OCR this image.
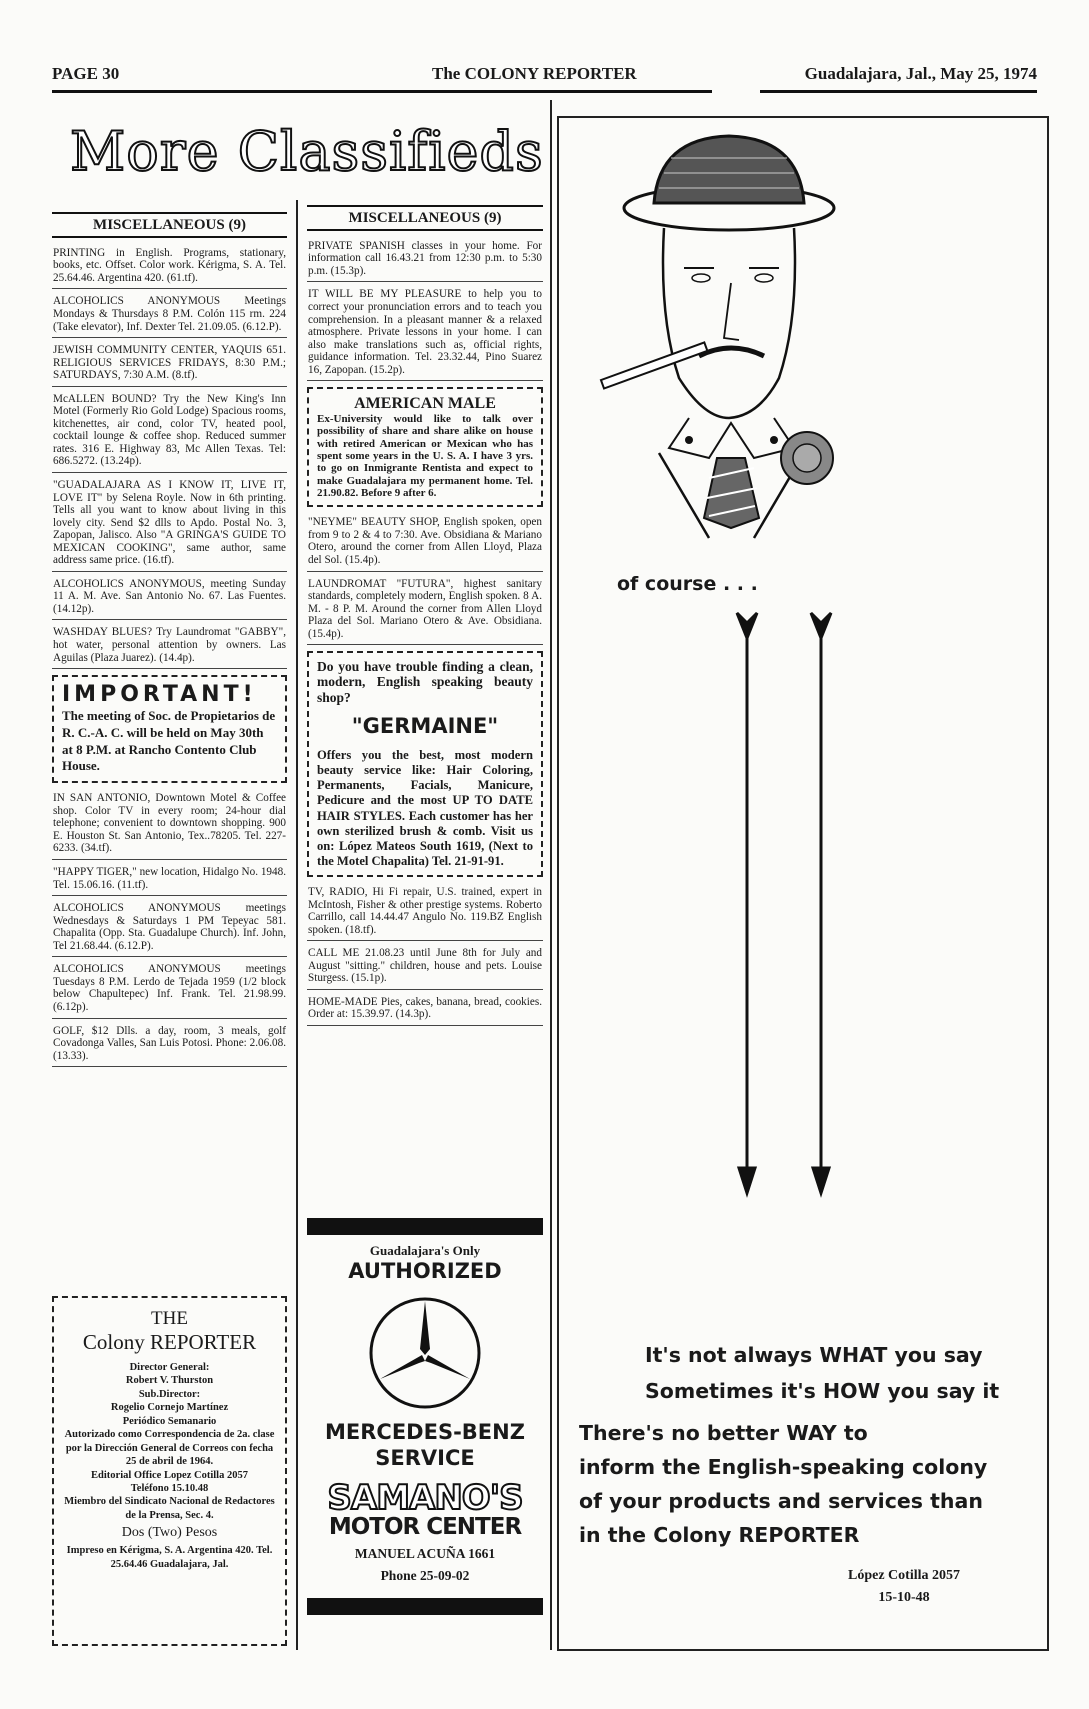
PAGE 30	The COLONY REPORTER	Guadalajara, Jal., May 25, 1974
More Classifieds
MISCELLANEOUS (9)
PRINTING in English. Programs, stationary, books, etc. Offset. Color work. Kérigma, S. A. Tel. 25.64.46. Argentina 420. (61.tf).
ALCOHOLICS ANONYMOUS Meetings Mondays & Thursdays 8 P.M. Colón 115 rm. 224 (Take elevator), Inf. Dexter Tel. 21.09.05. (6.12.P).
JEWISH COMMUNITY CENTER, YAQUIS 651. RELIGIOUS SERVICES FRIDAYS, 8:30 P.M.; SATURDAYS, 7:30 A.M. (8.tf).
McALLEN BOUND? Try the New King's Inn Motel (Formerly Rio Gold Lodge) Spacious rooms, kitchenettes, air cond, color TV, heated pool, cocktail lounge & coffee shop. Reduced summer rates. 316 E. Highway 83, Mc Allen Texas. Tel: 686.5272. (13.24p).
"GUADALAJARA AS I KNOW IT, LIVE IT, LOVE IT" by Selena Royle. Now in 6th printing. Tells all you want to know about living in this lovely city. Send $2 dlls to Apdo. Postal No. 3, Zapopan, Jalisco. Also "A GRINGA'S GUIDE TO MEXICAN COOKING", same author, same address same price. (16.tf).
ALCOHOLICS ANONYMOUS, meeting Sunday 11 A. M. Ave. San Antonio No. 67. Las Fuentes. (14.12p).
WASHDAY BLUES? Try Laundromat "GABBY", hot water, personal attention by owners. Las Aguilas (Plaza Juarez). (14.4p).
IMPORTANT!
The meeting of Soc. de Propietarios de R. C.-A. C. will be held on May 30th at 8 P.M. at Rancho Contento Club House.
IN SAN ANTONIO, Downtown Motel & Coffee shop. Color TV in every room; 24-hour dial telephone; convenient to downtown shopping. 900 E. Houston St. San Antonio, Tex..78205. Tel. 227-6233. (34.tf).
"HAPPY TIGER," new location, Hidalgo No. 1948. Tel. 15.06.16. (11.tf).
ALCOHOLICS ANONYMOUS meetings Wednesdays & Saturdays 1 PM Tepeyac 581. Chapalita (Opp. Sta. Guadalupe Church). Inf. John, Tel 21.68.44. (6.12.P).
ALCOHOLICS ANONYMOUS meetings Tuesdays 8 P.M. Lerdo de Tejada 1959 (1/2 block below Chapultepec) Inf. Frank. Tel. 21.98.99. (6.12p).
GOLF, $12 Dlls. a day, room, 3 meals, golf Covadonga Valles, San Luis Potosi. Phone: 2.06.08. (13.33).
MISCELLANEOUS (9)
PRIVATE SPANISH classes in your home. For information call 16.43.21 from 12:30 p.m. to 5:30 p.m. (15.3p).
IT WILL BE MY PLEASURE to help you to correct your pronunciation errors and to teach you comprehension. In a pleasant manner & a relaxed atmosphere. Private lessons in your home. I can also make translations such as, official rights, guidance information. Tel. 23.32.44, Pino Suarez 16, Zapopan. (15.2p).
AMERICAN MALE
Ex-University would like to talk over possibility of share and share alike on house with retired American or Mexican who has spent some years in the U. S. A. I have 3 yrs. to go on Inmigrante Rentista and expect to make Guadalajara my permanent home. Tel. 21.90.82. Before 9 after 6.
"NEYME" BEAUTY SHOP, English spoken, open from 9 to 2 & 4 to 7:30. Ave. Obsidiana & Mariano Otero, around the corner from Allen Lloyd, Plaza del Sol. (15.4p).
LAUNDROMAT "FUTURA", highest sanitary standards, completely modern, English spoken. 8 A. M. - 8 P. M. Around the corner from Allen Lloyd Plaza del Sol. Mariano Otero & Ave. Obsidiana. (15.4p).
Do you have trouble finding a clean, modern, English speaking beauty shop?
"GERMAINE"
Offers you the best, most modern beauty service like: Hair Coloring, Permanents, Facials, Manicure, Pedicure and the most UP TO DATE HAIR STYLES. Each customer has her own sterilized brush & comb. Visit us on: López Mateos South 1619, (Next to the Motel Chapalita) Tel. 21-91-91.
TV, RADIO, Hi Fi repair, U.S. trained, expert in McIntosh, Fisher & other prestige systems. Roberto Carrillo, call 14.44.47 Angulo No. 119.BZ English spoken. (18.tf).
CALL ME 21.08.23 until June 8th for July and August "sitting." children, house and pets. Louise Sturgess. (15.1p).
HOME-MADE Pies, cakes, banana, bread, cookies. Order at: 15.39.97. (14.3p).
THE
Colony REPORTER
Director General:
Robert V. Thurston
Sub.Director:
Rogelio Cornejo Martínez
Periódico Semanario
Autorizado como Correspondencia de 2a. clase por la Dirección General de Correos con fecha 25 de abril de 1964.
Editorial Office Lopez Cotilla 2057
Teléfono 15.10.48
Miembro del Sindicato Nacional de Redactores de la Prensa, Sec. 4.
Dos (Two) Pesos
Impreso en Kérigma, S. A. Argentina 420. Tel. 25.64.46 Guadalajara, Jal.
Guadalajara's Only
AUTHORIZED
MERCEDES-BENZ
SERVICE
SAMANO'S
MOTOR CENTER
MANUEL ACUÑA 1661
Phone 25-09-02
of course . . .
It's not always WHAT you say
Sometimes it's HOW you say it
There's no better WAY to
inform the English-speaking colony
of your products and services than
in the Colony REPORTER
López Cotilla 2057
15-10-48
